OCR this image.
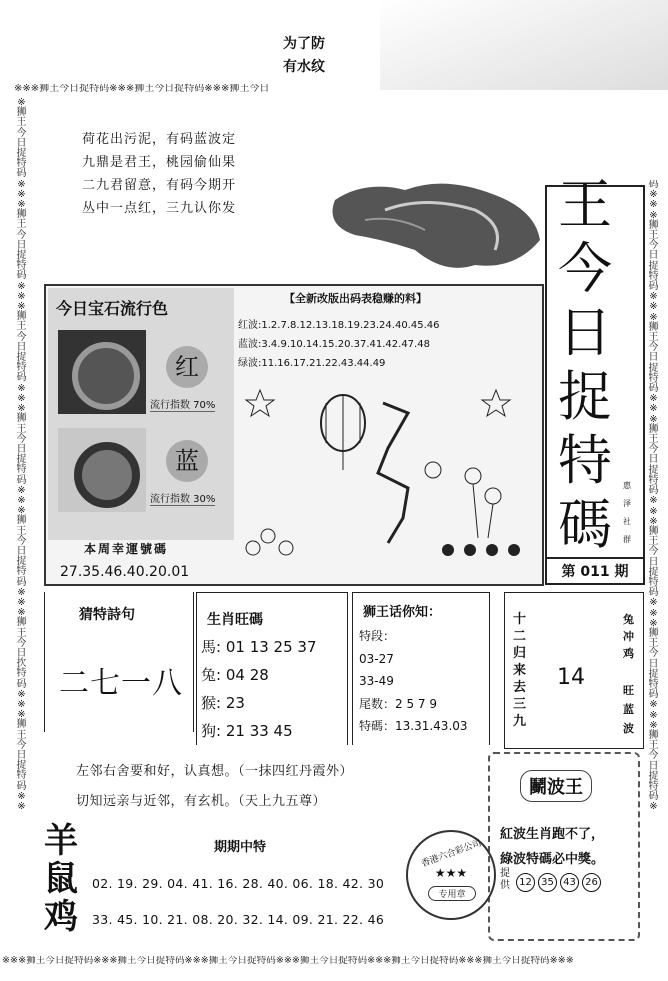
为了防
有水纹
※※※狮王今日捉特码※※※狮王今日捉特码※※※狮王今日
※※※狮王今日捉特码※※※狮王今日捉特码※※※狮王今日捉特码※※※狮王今日捉特码※※※狮王今日捉特码※※※狮王今日捉特码※※※
※狮王今日捉特码※※※狮王今日捉特码※※※狮王今日捉特码※※※狮王今日捉特码※※※狮王今日捉特码※※※狮王今日扻特码※※※狮王今日捉特码※※
码※※※狮王今日捉特码※※※狮王今日捉特码※※※狮王今日捉特码※※※狮王今日捉特码※※※狮王今日捉特码※※※狮王今日捉特码※
荷花出污泥，有码蓝波定
九鼎是君王，桃园偷仙果
二九君留意，有码今期开
丛中一点红，三九认你发	王
今
日
捉
特
碼
惠
泽
社
群
第 011 期
今日宝石流行色
红
流行指数 70%
蓝
流行指数 30%
本周幸運號碼
27.35.46.40.20.01
【全新改版出码表稳赚的料】
红波:1.2.7.8.12.13.18.19.23.24.40.45.46
蓝波:3.4.9.10.14.15.20.37.41.42.47.48
绿波:11.16.17.21.22.43.44.49
猜特詩句
二七一八
生肖旺碼
馬: 01 13 25 37
兔: 04 28
猴: 23
狗: 21 33 45
狮王话你知：
特段：
03-27
33-49
尾数：2 5 7 9
特碼：13.31.43.03
十二归来去三九
14
兔冲鸡
旺蓝波
左邻右舍要和好，认真想。（一抹四红丹霞外）
切知远亲与近邻，有玄机。（天上九五尊）
鬭波王
紅波生肖跑不了，
綠波特碼必中獎。
提供 12 35 43 26
香港六合彩公司
★★★
专用章
羊
鼠
鸡
期期中特
02. 19. 29. 04. 41. 16. 28. 40. 06. 18. 42. 30
33. 45. 10. 21. 08. 20. 32. 14. 09. 21. 22. 46
